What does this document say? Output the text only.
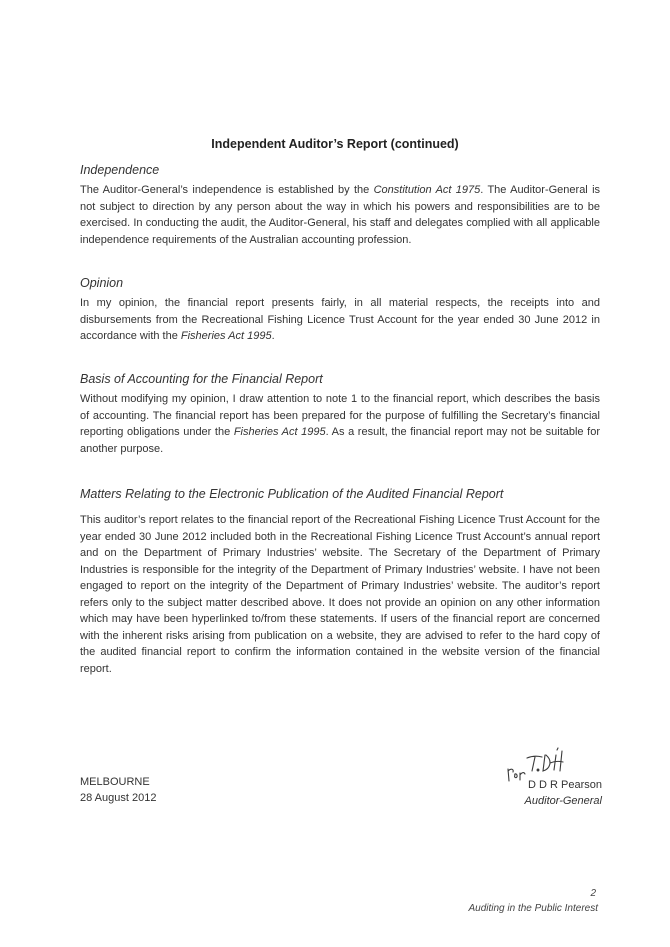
Independent Auditor’s Report (continued)
Independence
The Auditor-General’s independence is established by the Constitution Act 1975. The Auditor-General is not subject to direction by any person about the way in which his powers and responsibilities are to be exercised. In conducting the audit, the Auditor-General, his staff and delegates complied with all applicable independence requirements of the Australian accounting profession.
Opinion
In my opinion, the financial report presents fairly, in all material respects, the receipts into and disbursements from the Recreational Fishing Licence Trust Account for the year ended 30 June 2012 in accordance with the Fisheries Act 1995.
Basis of Accounting for the Financial Report
Without modifying my opinion, I draw attention to note 1 to the financial report, which describes the basis of accounting. The financial report has been prepared for the purpose of fulfilling the Secretary’s financial reporting obligations under the Fisheries Act 1995. As a result, the financial report may not be suitable for another purpose.
Matters Relating to the Electronic Publication of the Audited Financial Report
This auditor’s report relates to the financial report of the Recreational Fishing Licence Trust Account for the year ended 30 June 2012 included both in the Recreational Fishing Licence Trust Account’s annual report and on the Department of Primary Industries’ website. The Secretary of the Department of Primary Industries is responsible for the integrity of the Department of Primary Industries’ website. I have not been engaged to report on the integrity of the Department of Primary Industries’ website. The auditor’s report refers only to the subject matter described above. It does not provide an opinion on any other information which may have been hyperlinked to/from these statements. If users of the financial report are concerned with the inherent risks arising from publication on a website, they are advised to refer to the hard copy of the audited financial report to confirm the information contained in the website version of the financial report.
MELBOURNE
28 August 2012
D D R Pearson
Auditor-General
2
Auditing in the Public Interest
